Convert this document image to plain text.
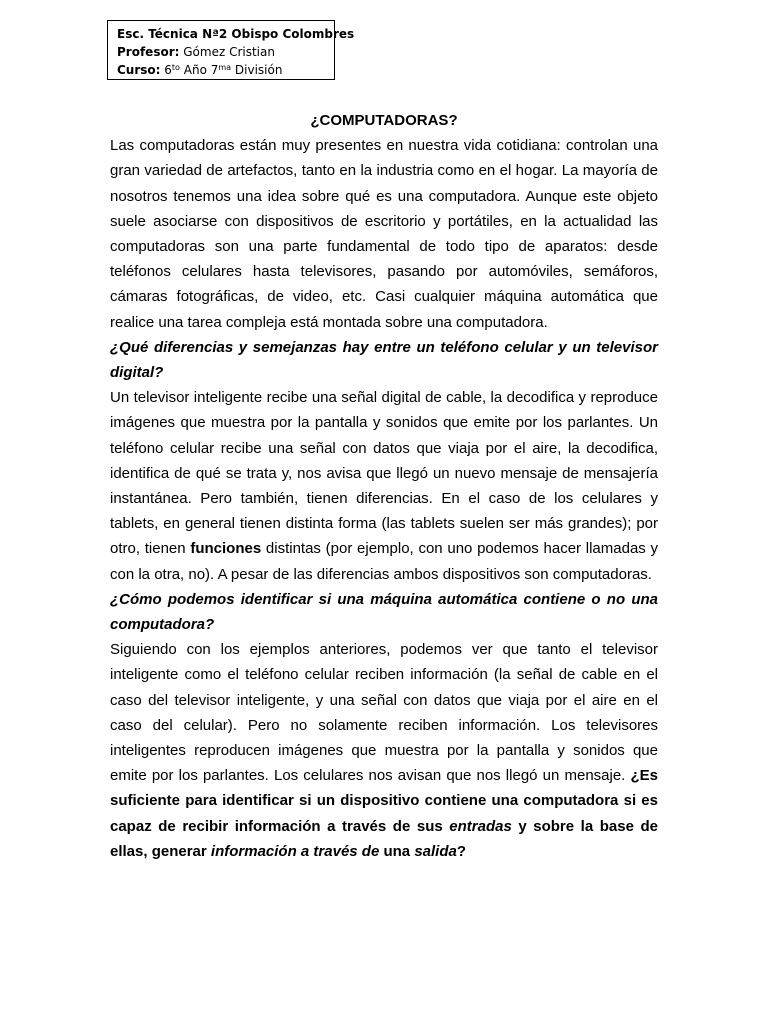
Esc. Técnica Nª2 Obispo Colombres
Profesor: Gómez Cristian
Curso: $6^{to}$ Año $7^{ma}$ División

¿COMPUTADORAS?

Las computadoras están muy presentes en nuestra vida cotidiana: controlan una gran variedad de artefactos, tanto en la industria como en el hogar. La mayoría de nosotros tenemos una idea sobre qué es una computadora. Aunque este objeto suele asociarse con dispositivos de escritorio y portátiles, en la actualidad las computadoras son una parte fundamental de todo tipo de aparatos: desde teléfonos celulares hasta televisores, pasando por automóviles, semáforos, cámaras fotográficas, de video, etc. Casi cualquier máquina automática que realice una tarea compleja está montada sobre una computadora.

¿Qué diferencias y semejanzas hay entre un teléfono celular y un televisor digital?

Un televisor inteligente recibe una señal digital de cable, la decodifica y reproduce imágenes que muestra por la pantalla y sonidos que emite por los parlantes. Un teléfono celular recibe una señal con datos que viaja por el aire, la decodifica, identifica de qué se trata y, nos avisa que llegó un nuevo mensaje de mensajería instantánea. Pero también, tienen diferencias. En el caso de los celulares y tablets, en general tienen distinta forma (las tablets suelen ser más grandes); por otro, tienen funciones distintas (por ejemplo, con uno podemos hacer llamadas y con la otra, no). A pesar de las diferencias ambos dispositivos son computadoras.

¿Cómo podemos identificar si una máquina automática contiene o no una computadora?

Siguiendo con los ejemplos anteriores, podemos ver que tanto el televisor inteligente como el teléfono celular reciben información (la señal de cable en el caso del televisor inteligente, y una señal con datos que viaja por el aire en el caso del celular). Pero no solamente reciben información. Los televisores inteligentes reproducen imágenes que muestra por la pantalla y sonidos que emite por los parlantes. Los celulares nos avisan que nos llegó un mensaje. ¿Es suficiente para identificar si un dispositivo contiene una computadora si es capaz de recibir información a través de sus entradas y sobre la base de ellas, generar información a través de una salida?
